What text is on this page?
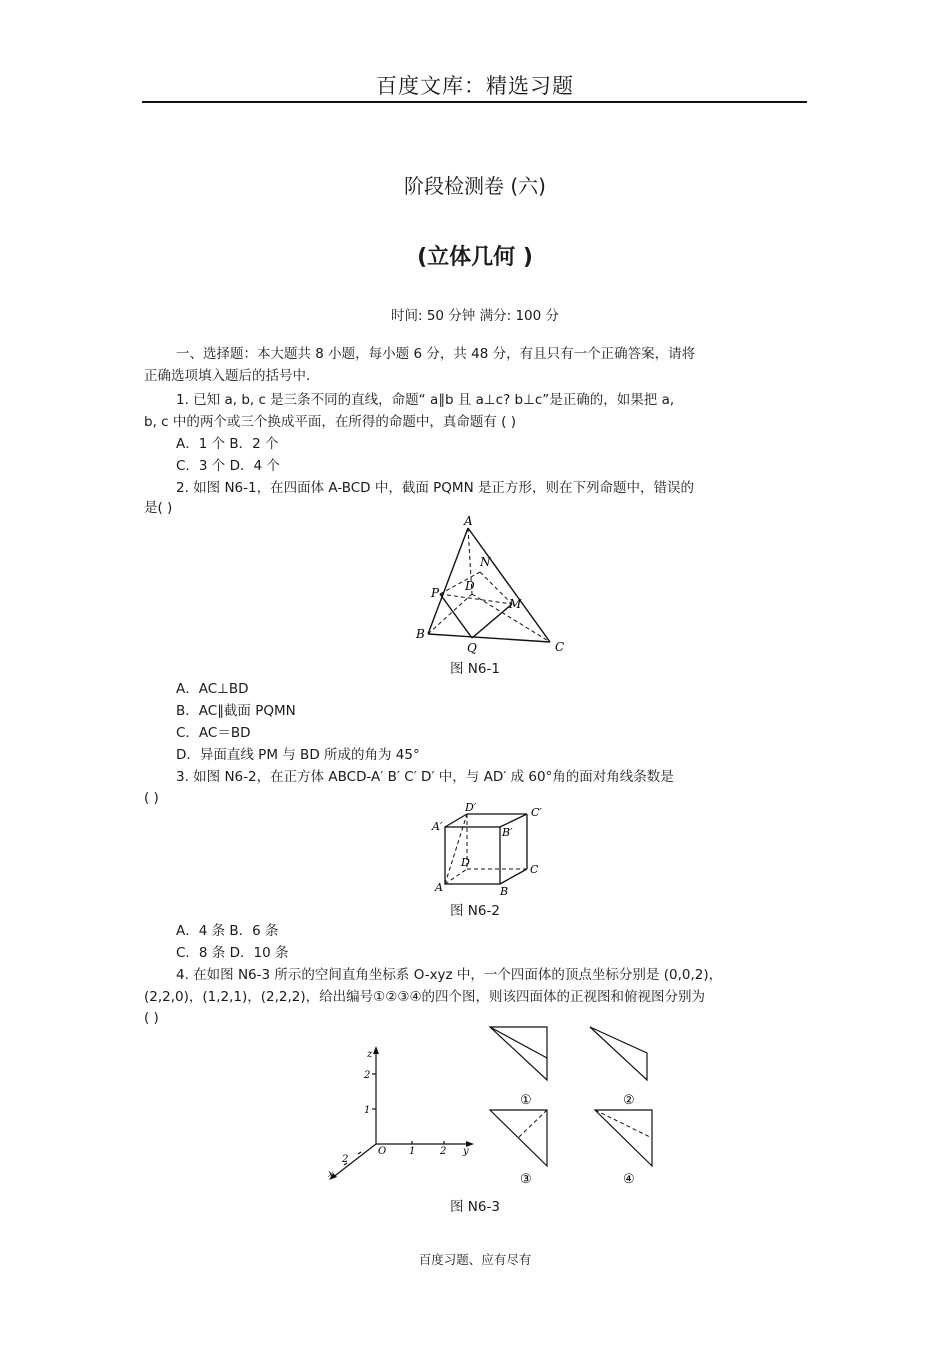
百度文库：精选习题
阶段检测卷 (六)
(立体几何 )
时间: 50 分钟 满分: 100 分
一、选择题：本大题共 8 小题，每小题 6 分，共 48 分，有且只有一个正确答案，请将
正确选项填入题后的括号中.
1. 已知 a, b, c 是三条不同的直线，命题“ a∥b 且 a⊥c? b⊥c”是正确的，如果把 a,
b, c 中的两个或三个换成平面，在所得的命题中，真命题有 ( )
A．1 个 B．2 个
C．3 个 D．4 个
2. 如图 N6-1，在四面体 A-BCD 中，截面 PQMN 是正方形，则在下列命题中，错误的
是( )
A
N
D
P
M
B
Q	C
图 N6-1
A．AC⊥BD
B．AC∥截面 PQMN
C．AC＝BD
D．异面直线 PM 与 BD 所成的角为 45°
3. 如图 N6-2，在正方体 ABCD-A′ B′ C′ D′ 中，与 AD′ 成 60°角的面对角线条数是
( )
D′	C′
A′	B′
D
C
A	B
图 N6-2
A．4 条 B．6 条
C．8 条 D．10 条
4. 在如图 N6-3 所示的空间直角坐标系 O-xyz 中，一个四面体的顶点坐标分别是 (0,0,2)，
(2,2,0)，(1,2,1)，(2,2,2)，给出编号①②③④的四个图，则该四面体的正视图和俯视图分别为
( )
z
2
1
O 1 2 y
2
x
①	②
③	④
图 N6-3
百度习题、应有尽有
